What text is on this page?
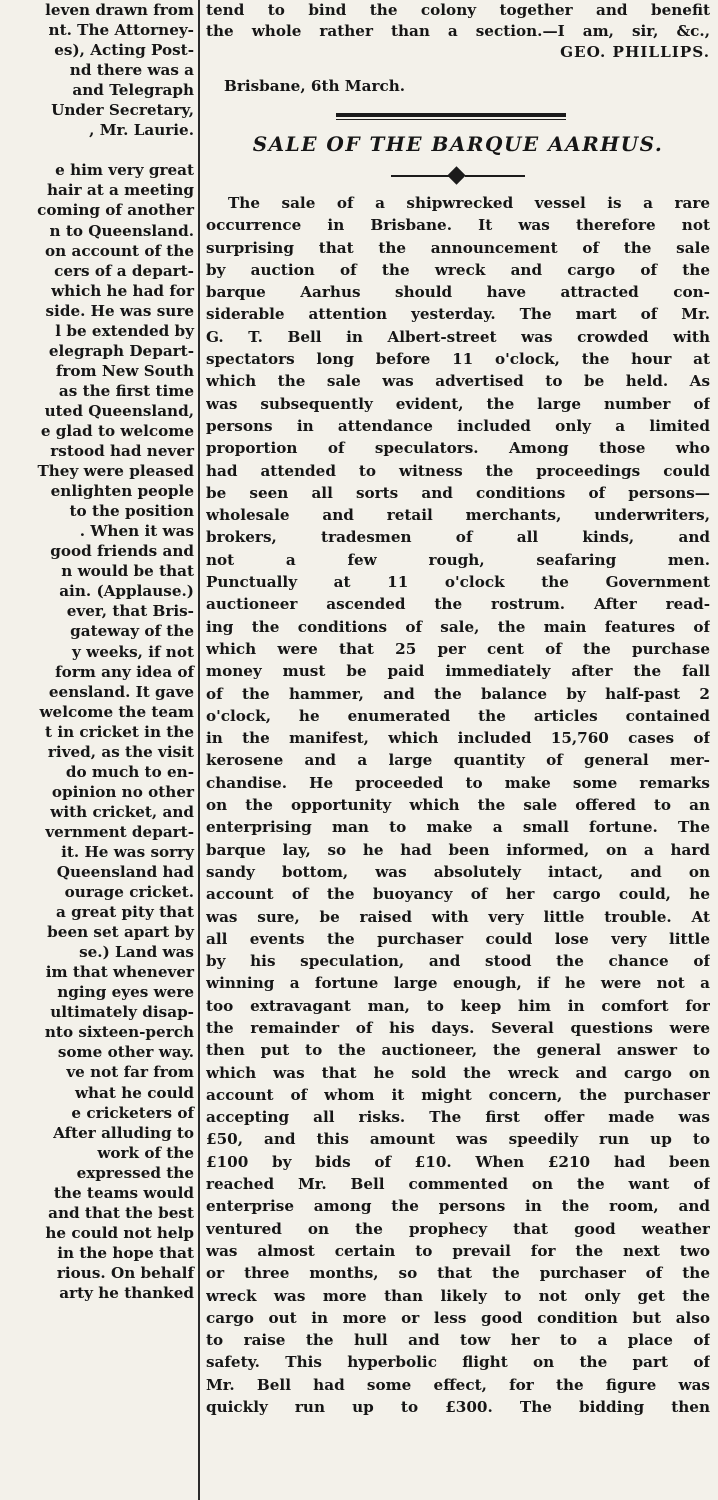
leven drawn from
nt. The Attorney-
es), Acting Post-
nd there was a
and Telegraph
Under Secretary,
, Mr. Laurie.
e him very great
hair at a meeting
coming of another
n to Queensland.
on account of the
cers of a depart-
which he had for
side. He was sure
l be extended by
elegraph Depart-
from New South
as the first time
uted Queensland,
e glad to welcome
rstood had never
They were pleased
enlighten people
to the position
. When it was
good friends and
n would be that
ain. (Applause.)
ever, that Bris-
gateway of the
y weeks, if not
form any idea of
eensland. It gave
welcome the team
t in cricket in the
rived, as the visit
do much to en-
opinion no other
with cricket, and
vernment depart-
it. He was sorry
Queensland had
ourage cricket.
a great pity that
been set apart by
se.) Land was
im that whenever
nging eyes were
ultimately disap-
nto sixteen-perch
some other way.
ve not far from
what he could
e cricketers of
After alluding to
work of the
expressed the
the teams would
and that the best
he could not help
in the hope that
rious. On behalf
arty he thanked
tend to bind the colony together and benefit
the whole rather than a section.—I am, sir, &c.,
GEO. PHILLIPS.
Brisbane, 6th March.
SALE OF THE BARQUE AARHUS.
The sale of a shipwrecked vessel is a rare
occurrence in Brisbane. It was therefore not
surprising that the announcement of the sale
by auction of the wreck and cargo of the
barque Aarhus should have attracted con-
siderable attention yesterday. The mart of Mr.
G. T. Bell in Albert-street was crowded with
spectators long before 11 o'clock, the hour at
which the sale was advertised to be held. As
was subsequently evident, the large number of
persons in attendance included only a limited
proportion of speculators. Among those who
had attended to witness the proceedings could
be seen all sorts and conditions of persons—
wholesale and retail merchants, underwriters,
brokers, tradesmen of all kinds, and
not a few rough, seafaring men.
Punctually at 11 o'clock the Government
auctioneer ascended the rostrum. After read-
ing the conditions of sale, the main features of
which were that 25 per cent of the purchase
money must be paid immediately after the fall
of the hammer, and the balance by half-past 2
o'clock, he enumerated the articles contained
in the manifest, which included 15,760 cases of
kerosene and a large quantity of general mer-
chandise. He proceeded to make some remarks
on the opportunity which the sale offered to an
enterprising man to make a small fortune. The
barque lay, so he had been informed, on a hard
sandy bottom, was absolutely intact, and on
account of the buoyancy of her cargo could, he
was sure, be raised with very little trouble. At
all events the purchaser could lose very little
by his speculation, and stood the chance of
winning a fortune large enough, if he were not a
too extravagant man, to keep him in comfort for
the remainder of his days. Several questions were
then put to the auctioneer, the general answer to
which was that he sold the wreck and cargo on
account of whom it might concern, the purchaser
accepting all risks. The first offer made was
£50, and this amount was speedily run up to
£100 by bids of £10. When £210 had been
reached Mr. Bell commented on the want of
enterprise among the persons in the room, and
ventured on the prophecy that good weather
was almost certain to prevail for the next two
or three months, so that the purchaser of the
wreck was more than likely to not only get the
cargo out in more or less good condition but also
to raise the hull and tow her to a place of
safety. This hyperbolic flight on the part of
Mr. Bell had some effect, for the figure was
quickly run up to £300. The bidding then
